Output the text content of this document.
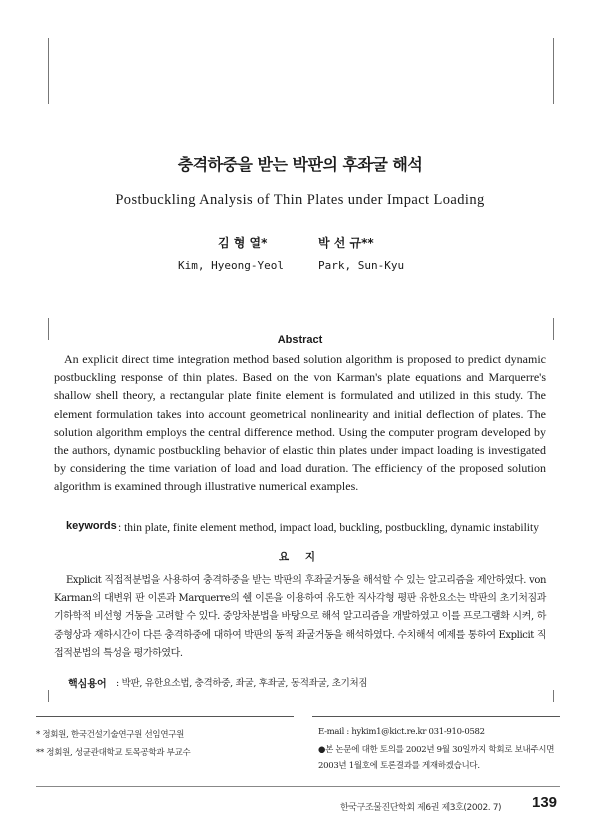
충격하중을 받는 박판의 후좌굴 해석
Postbuckling Analysis of Thin Plates under Impact Loading
김 형 열*	박 선 규**
Kim, Hyeong-Yeol	Park, Sun-Kyu
Abstract
An explicit direct time integration method based solution algorithm is proposed to predict dynamic postbuckling response of thin plates. Based on the von Karman's plate equations and Marquerre's shallow shell theory, a rectangular plate finite element is formulated and utilized in this study. The element formulation takes into account geometrical nonlinearity and initial deflection of plates. The solution algorithm employs the central difference method. Using the computer program developed by the authors, dynamic postbuckling behavior of elastic thin plates under impact loading is investigated by considering the time variation of load and load duration. The efficiency of the proposed solution algorithm is examined through illustrative numerical examples.
keywords : thin plate, finite element method, impact load, buckling, postbuckling, dynamic instability
요 지
Explicit 직접적분법을 사용하여 충격하중을 받는 박판의 후좌굴거동을 해석할 수 있는 알고리즘을 제안하였다. von Karman의 대변위 판 이론과 Marquerre의 쉘 이론을 이용하여 유도한 직사각형 평판 유한요소는 박판의 초기처짐과 기하학적 비선형 거동을 고려할 수 있다. 중앙차분법을 바탕으로 해석 알고리즘을 개발하였고 이를 프로그램화 시켜, 하중형상과 재하시간이 다른 충격하중에 대하여 박판의 동적 좌굴거동을 해석하였다. 수치해석 예제를 통하여 Explicit 직접적분법의 특성을 평가하였다.
핵심용어 : 박판, 유한요소법, 충격하중, 좌굴, 후좌굴, 동적좌굴, 초기처짐
* 정회원, 한국건설기술연구원 선임연구원
** 정회원, 성균관대학교 토목공학과 부교수
E-mail : hykim1@kict.re.kr 031-910-0582
●본 논문에 대한 토의를 2002년 9월 30일까지 학회로 보내주시면 2003년 1월호에 토론결과를 게재하겠습니다.
한국구조물진단학회 제6권 제3호(2002. 7) 139
